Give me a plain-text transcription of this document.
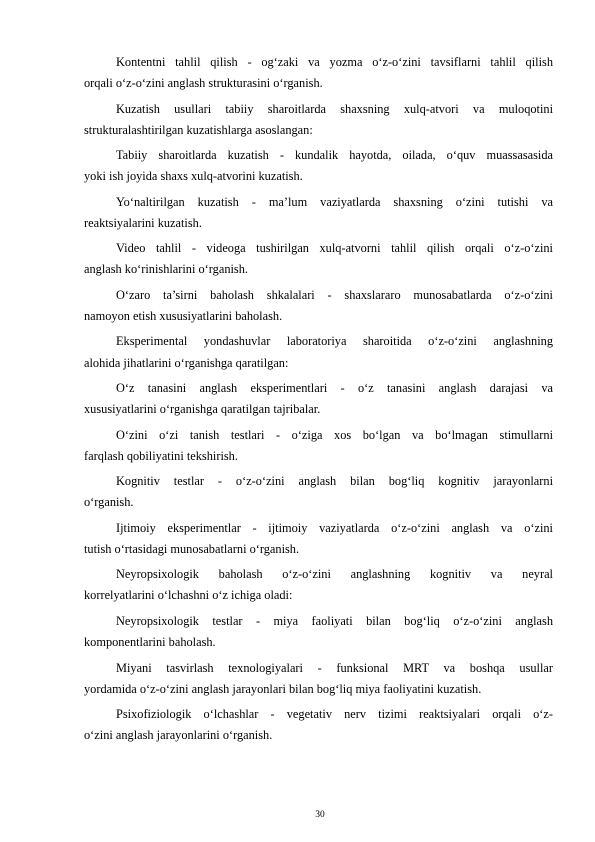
Kontentni tahlil qilish - og‘zaki va yozma o‘z-o‘zini tavsiflarni tahlil qilish
orqali o‘z-o‘zini anglash strukturasini o‘rganish.

Kuzatish usullari tabiiy sharoitlarda shaxsning xulq-atvori va muloqotini
strukturalashtirilgan kuzatishlarga asoslangan:

Tabiiy sharoitlarda kuzatish - kundalik hayotda, oilada, o‘quv muassasasida
yoki ish joyida shaxs xulq-atvorini kuzatish.

Yo‘naltirilgan kuzatish - ma’lum vaziyatlarda shaxsning o‘zini tutishi va
reaktsiyalarini kuzatish.

Video tahlil - videoga tushirilgan xulq-atvorni tahlil qilish orqali o‘z-o‘zini
anglash ko‘rinishlarini o‘rganish.

O‘zaro ta’sirni baholash shkalalari - shaxslararo munosabatlarda o‘z-o‘zini
namoyon etish xususiyatlarini baholash.

Eksperimental yondashuvlar laboratoriya sharoitida o‘z-o‘zini anglashning
alohida jihatlarini o‘rganishga qaratilgan:

O‘z tanasini anglash eksperimentlari - o‘z tanasini anglash darajasi va
xususiyatlarini o‘rganishga qaratilgan tajribalar.

O‘zini o‘zi tanish testlari - o‘ziga xos bo‘lgan va bo‘lmagan stimullarni
farqlash qobiliyatini tekshirish.

Kognitiv testlar - o‘z-o‘zini anglash bilan bog‘liq kognitiv jarayonlarni
o‘rganish.

Ijtimoiy eksperimentlar - ijtimoiy vaziyatlarda o‘z-o‘zini anglash va o‘zini
tutish o‘rtasidagi munosabatlarni o‘rganish.

Neyropsixologik baholash o‘z-o‘zini anglashning kognitiv va neyral
korrelyatlarini o‘lchashni o‘z ichiga oladi:

Neyropsixologik testlar - miya faoliyati bilan bog‘liq o‘z-o‘zini anglash
komponentlarini baholash.

Miyani tasvirlash texnologiyalari - funksional MRT va boshqa usullar
yordamida o‘z-o‘zini anglash jarayonlari bilan bog‘liq miya faoliyatini kuzatish.

Psixofiziologik o‘lchashlar - vegetativ nerv tizimi reaktsiyalari orqali o‘z-
o‘zini anglash jarayonlarini o‘rganish.

30
